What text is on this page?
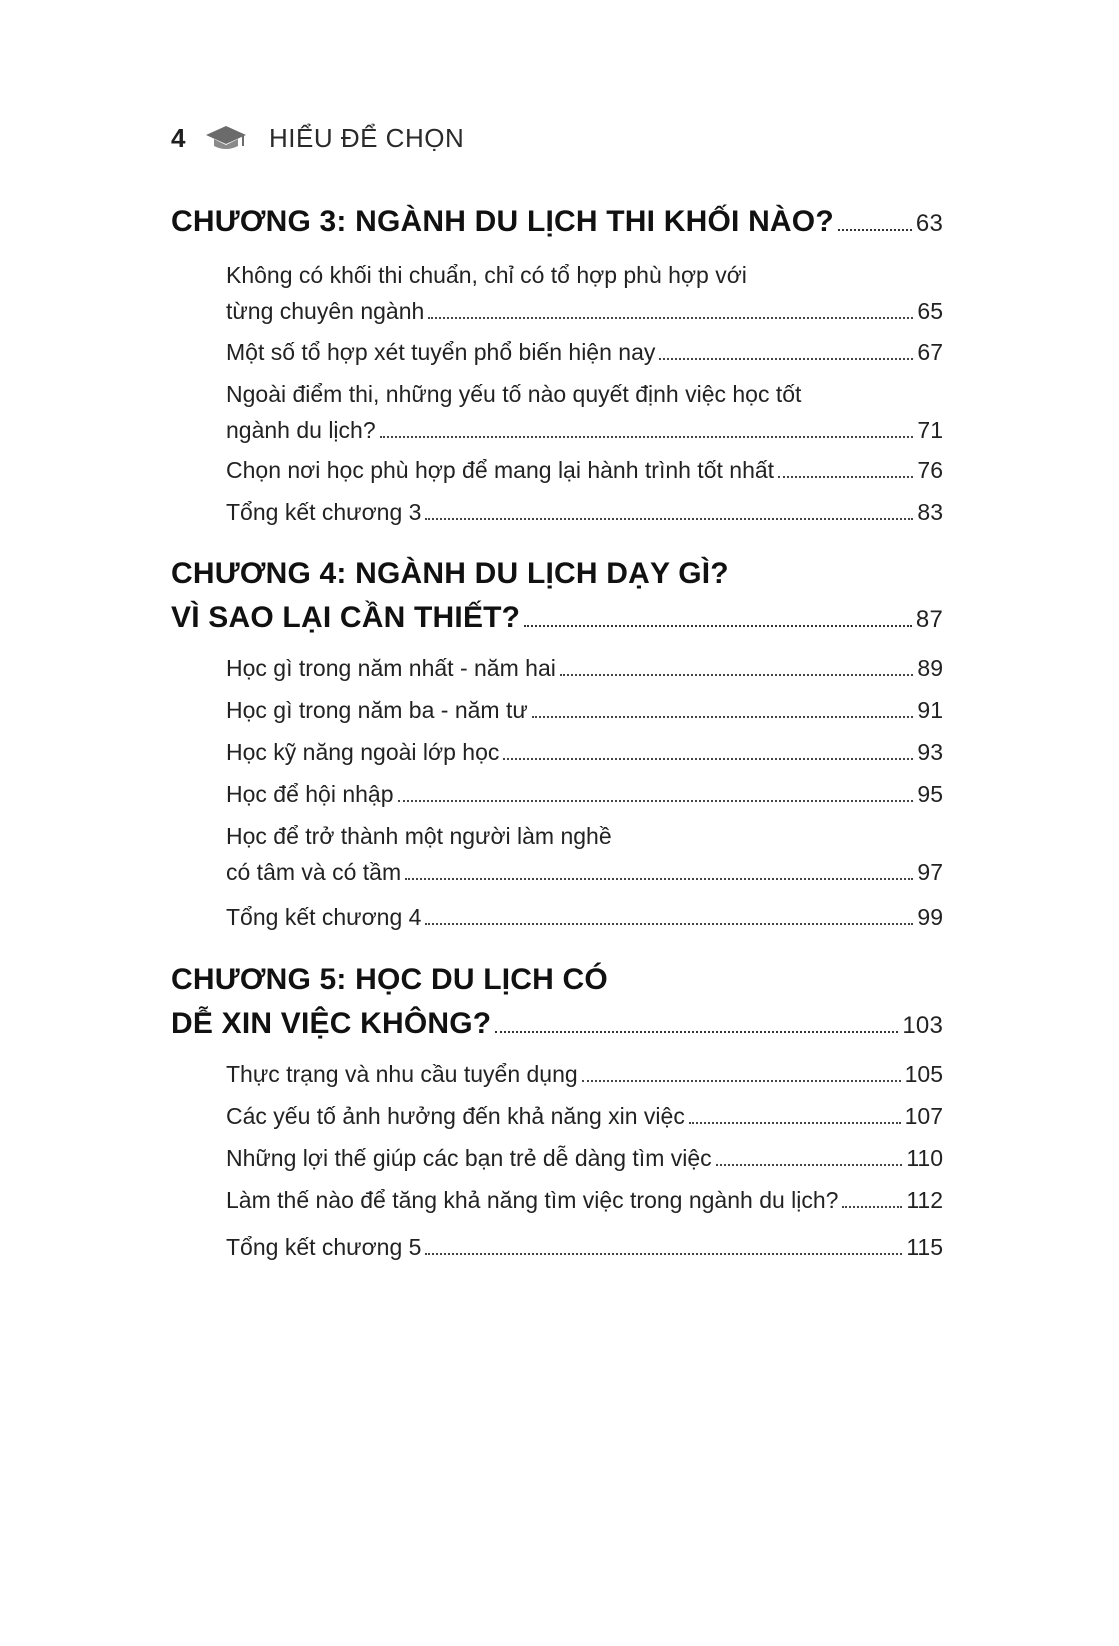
4	HIỂU ĐỂ CHỌN
CHƯƠNG 3: NGÀNH DU LỊCH THI KHỐI NÀO?	63
Không có khối thi chuẩn, chỉ có tổ hợp phù hợp với
từng chuyên ngành	65
Một số tổ hợp xét tuyển phổ biến hiện nay	67
Ngoài điểm thi, những yếu tố nào quyết định việc học tốt
ngành du lịch?	71
Chọn nơi học phù hợp để mang lại hành trình tốt nhất	76
Tổng kết chương 3	83
CHƯƠNG 4: NGÀNH DU LỊCH DẠY GÌ?
VÌ SAO LẠI CẦN THIẾT?	87
Học gì trong năm nhất - năm hai	89
Học gì trong năm ba - năm tư	91
Học kỹ năng ngoài lớp học	93
Học để hội nhập	95
Học để trở thành một người làm nghề
có tâm và có tầm	97
Tổng kết chương 4	99
CHƯƠNG 5: HỌC DU LỊCH CÓ
DỄ XIN VIỆC KHÔNG?	103
Thực trạng và nhu cầu tuyển dụng	105
Các yếu tố ảnh hưởng đến khả năng xin việc	107
Những lợi thế giúp các bạn trẻ dễ dàng tìm việc	110
Làm thế nào để tăng khả năng tìm việc trong ngành du lịch?	112
Tổng kết chương 5	115
